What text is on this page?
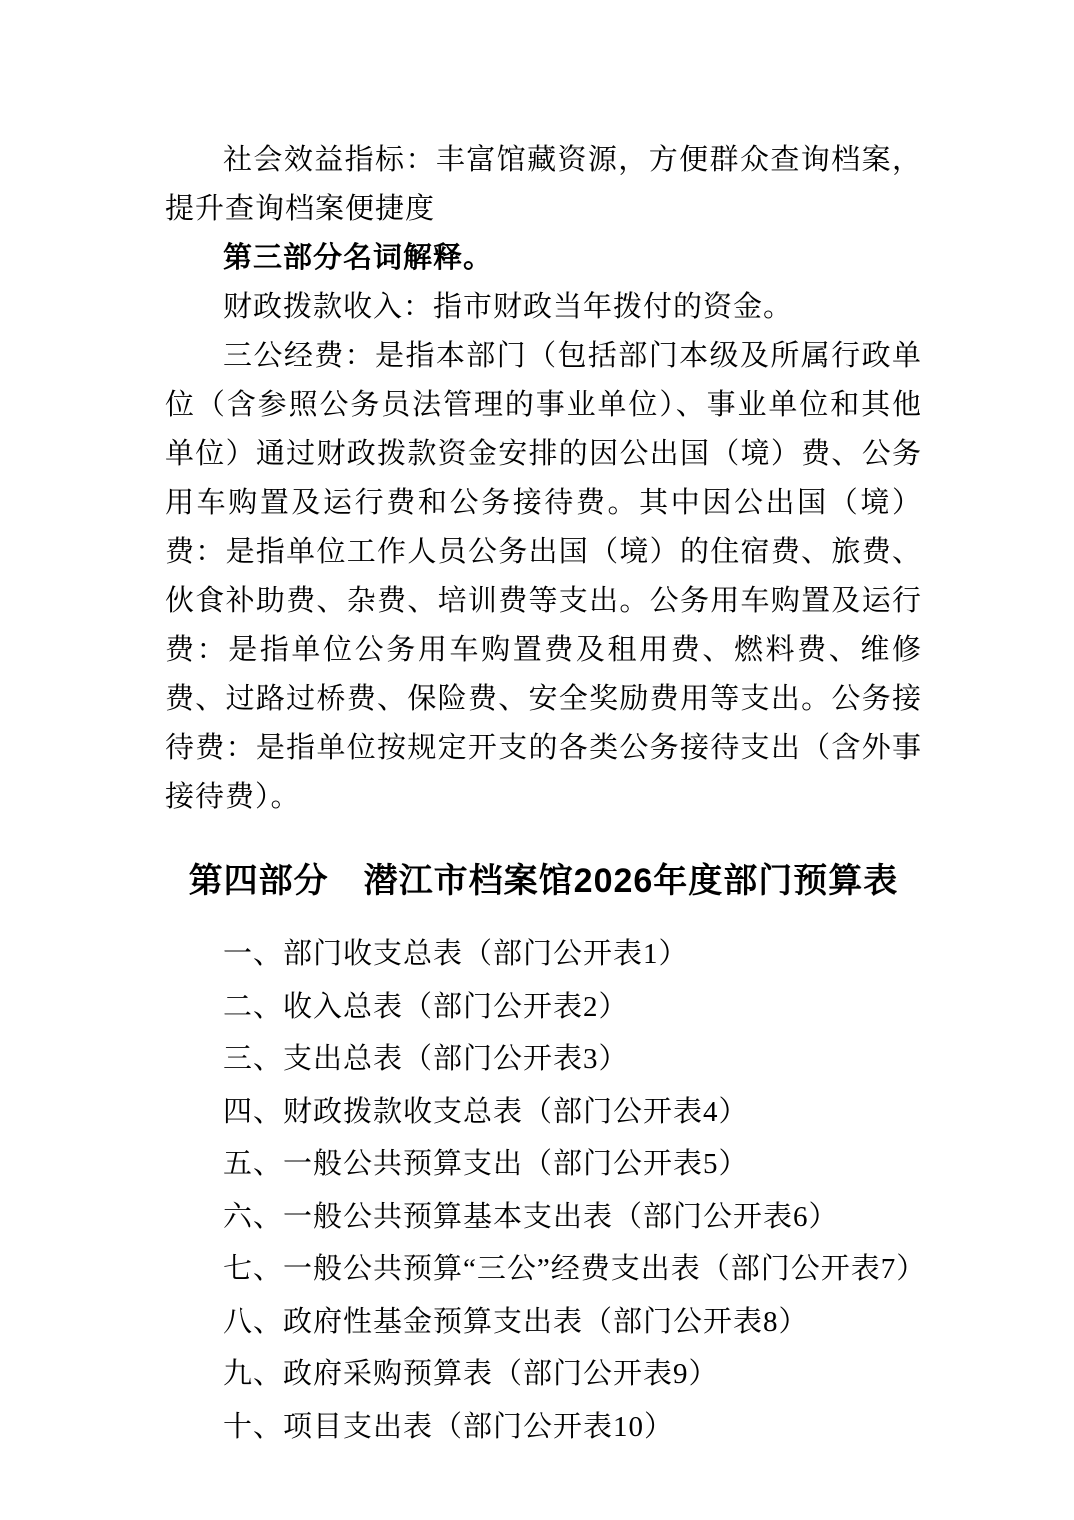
社会效益指标：丰富馆藏资源，方便群众查询档案，提升查询档案便捷度

第三部分名词解释。

财政拨款收入：指市财政当年拨付的资金。

三公经费：是指本部门（包括部门本级及所属行政单位（含参照公务员法管理的事业单位）、事业单位和其他单位）通过财政拨款资金安排的因公出国（境）费、公务用车购置及运行费和公务接待费。其中因公出国（境）费：是指单位工作人员公务出国（境）的住宿费、旅费、伙食补助费、杂费、培训费等支出。公务用车购置及运行费：是指单位公务用车购置费及租用费、燃料费、维修费、过路过桥费、保险费、安全奖励费用等支出。公务接待费：是指单位按规定开支的各类公务接待支出（含外事接待费）。

第四部分　潜江市档案馆2026年度部门预算表

一、部门收支总表（部门公开表1）

二、收入总表（部门公开表2）

三、支出总表（部门公开表3）

四、财政拨款收支总表（部门公开表4）

五、一般公共预算支出（部门公开表5）

六、一般公共预算基本支出表（部门公开表6）

七、一般公共预算“三公”经费支出表（部门公开表7）

八、政府性基金预算支出表（部门公开表8）

九、政府采购预算表（部门公开表9）

十、项目支出表（部门公开表10）
